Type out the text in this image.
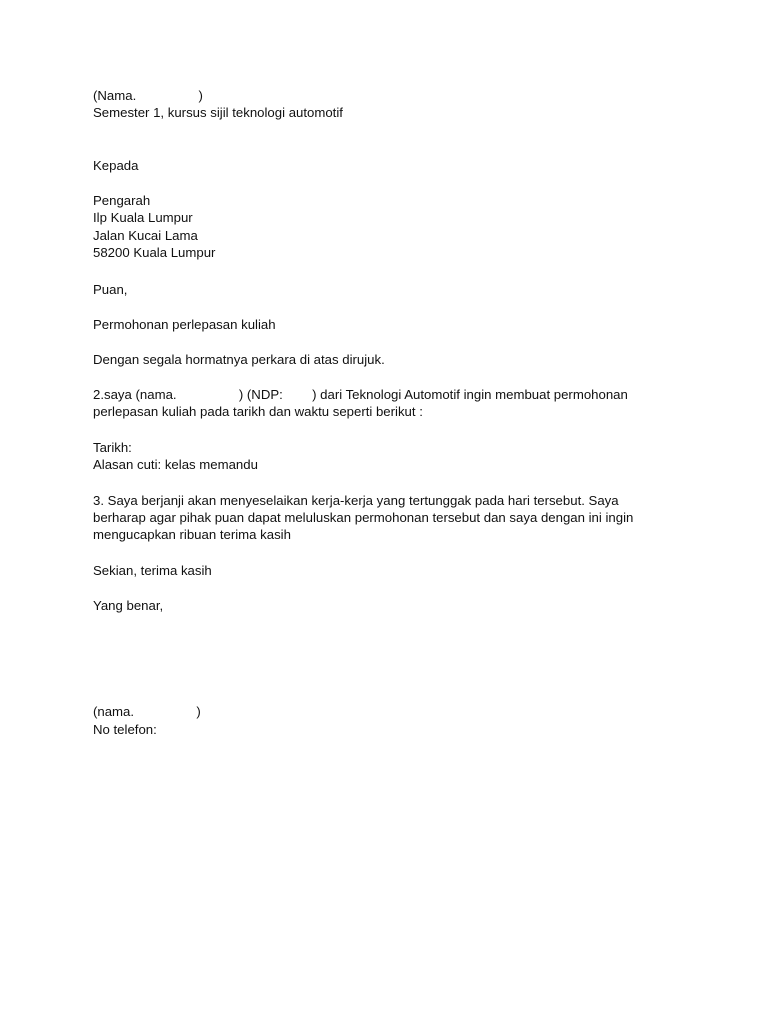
(Nama.                 )
Semester 1, kursus sijil teknologi automotif
Kepada
Pengarah
Ilp Kuala Lumpur
Jalan Kucai Lama
58200 Kuala Lumpur
Puan,
Permohonan perlepasan kuliah
Dengan segala hormatnya perkara di atas dirujuk.
2.saya (nama.                 ) (NDP:        ) dari Teknologi Automotif ingin membuat permohonan
perlepasan kuliah pada tarikh dan waktu seperti berikut :
Tarikh:
Alasan cuti: kelas memandu
3. Saya berjanji akan menyeselaikan kerja-kerja yang tertunggak pada hari tersebut. Saya
berharap agar pihak puan dapat meluluskan permohonan tersebut dan saya dengan ini ingin
mengucapkan ribuan terima kasih
Sekian, terima kasih
Yang benar,
(nama.                 )
No telefon:
